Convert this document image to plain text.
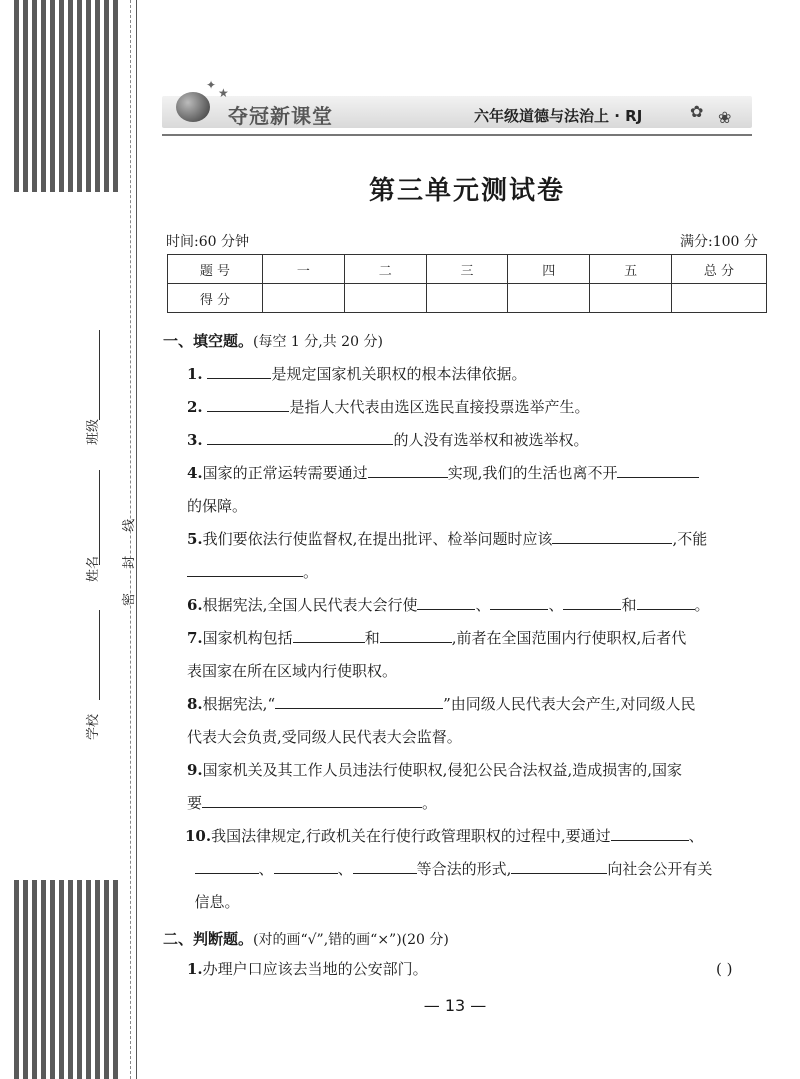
班级
姓名
学校
密 封 线
✦
★
夺冠新课堂	六年级道德与法治上 · RJ	✿ ❀
第三单元测试卷
时间:60 分钟	满分:100 分
题 号	一	二	三	四	五	总 分
得 分						
一、填空题。(每空 1 分,共 20 分)
1.	是规定国家机关职权的根本法律依据。
2.	是指人大代表由选区选民直接投票选举产生。
3.	的人没有选举权和被选举权。
4.国家的正常运转需要通过	实现,我们的生活也离不开
的保障。
5.我们要依法行使监督权,在提出批评、检举问题时应该	,不能
。
6.根据宪法,全国人民代表大会行使	、	、	和	。
7.国家机构包括	和	,前者在全国范围内行使职权,后者代
表国家在所在区域内行使职权。
8.根据宪法,“	”由同级人民代表大会产生,对同级人民
代表大会负责,受同级人民代表大会监督。
9.国家机关及其工作人员违法行使职权,侵犯公民合法权益,造成损害的,国家
要	。
10.我国法律规定,行政机关在行使行政管理职权的过程中,要通过	、
、	、	等合法的形式,	向社会公开有关
信息。
二、判断题。(对的画“√”,错的画“×”)(20 分)
1.办理户口应该去当地的公安部门。	( )
— 13 —
